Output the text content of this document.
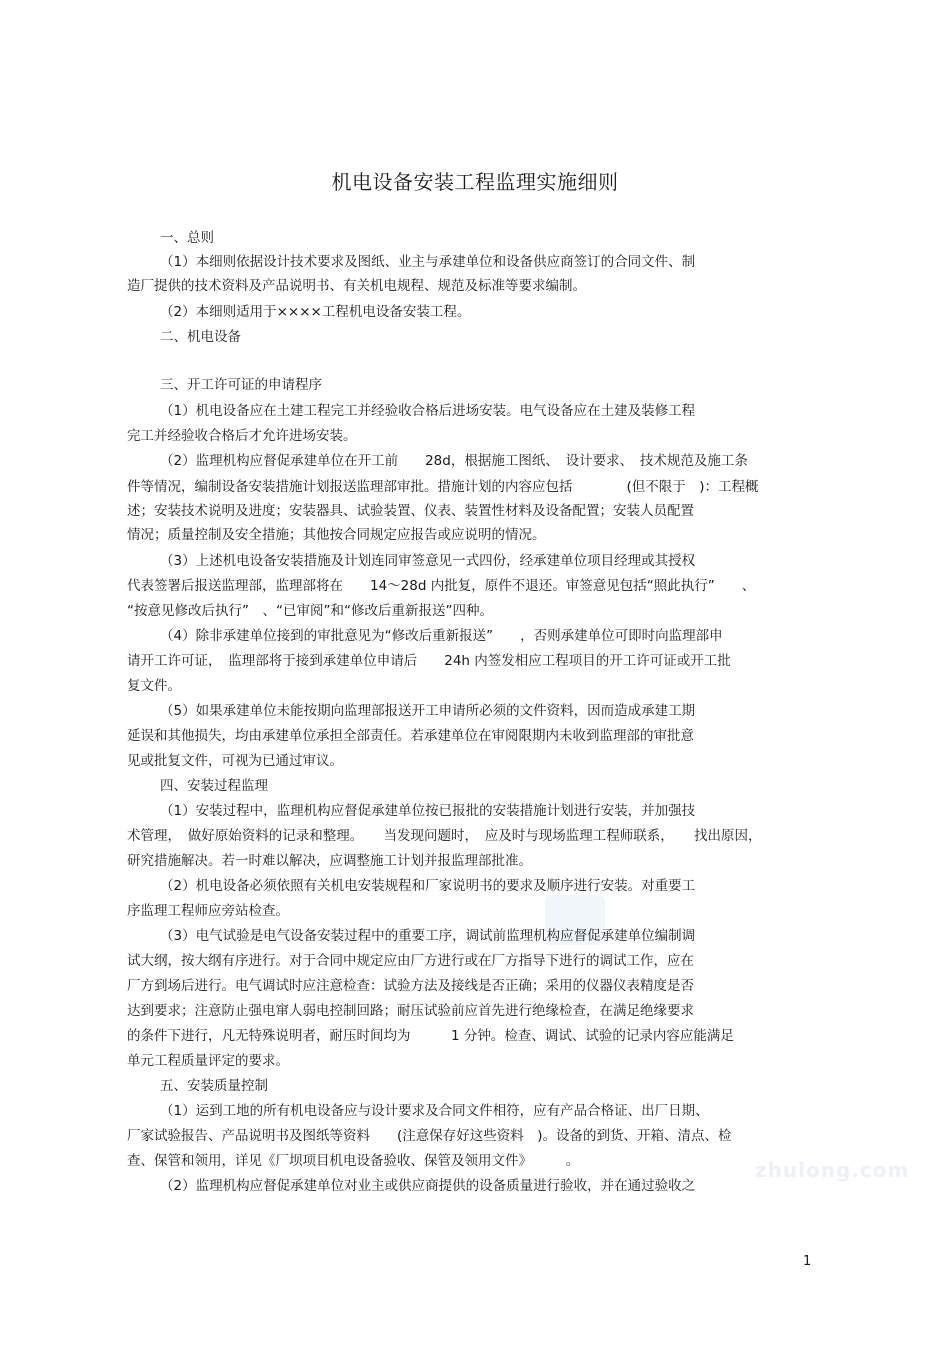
zhulong.com
机电设备安装工程监理实施细则
一、总则
（1）本细则依据设计技术要求及图纸、业主与承建单位和设备供应商签订的合同文件、制
造厂提供的技术资料及产品说明书、有关机电规程、规范及标准等要求编制。
（2）本细则适用于××××工程机电设备安装工程。
二、机电设备
三、开工许可证的申请程序
（1）机电设备应在土建工程完工并经验收合格后进场安装。电气设备应在土建及装修工程
完工并经验收合格后才允许进场安装。
（2）监理机构应督促承建单位在开工前　　28d，根据施工图纸、　设计要求、　技术规范及施工条
件等情况，编制设备安装措施计划报送监理部审批。措施计划的内容应包括　　　　(但不限于　)：工程概
述；安装技术说明及进度；安装器具、试验装置、仪表、装置性材料及设备配置；安装人员配置
情况；质量控制及安全措施；其他按合同规定应报告或应说明的情况。
（3）上述机电设备安装措施及计划连同审签意见一式四份，经承建单位项目经理或其授权
代表签署后报送监理部，监理部将在　　14～28d 内批复，原件不退还。审签意见包括“照此执行”　　、
“按意见修改后执行”　、“已审阅”和“修改后重新报送”四种。
（4）除非承建单位接到的审批意见为“修改后重新报送”　　，否则承建单位可即时向监理部申
请开工许可证，　监理部将于接到承建单位申请后　　24h 内签发相应工程项目的开工许可证或开工批
复文件。
（5）如果承建单位未能按期向监理部报送开工申请所必须的文件资料，因而造成承建工期
延误和其他损失，均由承建单位承担全部责任。若承建单位在审阅限期内未收到监理部的审批意
见或批复文件，可视为已通过审议。
四、安装过程监理
（1）安装过程中，监理机构应督促承建单位按已报批的安装措施计划进行安装，并加强技
术管理，　做好原始资料的记录和整理。　　当发现问题时，　应及时与现场监理工程师联系，　　找出原因，
研究措施解决。若一时难以解决，应调整施工计划并报监理部批准。
（2）机电设备必须依照有关机电安装规程和厂家说明书的要求及顺序进行安装。对重要工
序监理工程师应旁站检查。
（3）电气试验是电气设备安装过程中的重要工序，调试前监理机构应督促承建单位编制调
试大纲，按大纲有序进行。对于合同中规定应由厂方进行或在厂方指导下进行的调试工作，应在
厂方到场后进行。电气调试时应注意检查：试验方法及接线是否正确；采用的仪器仪表精度是否
达到要求；注意防止强电窜人弱电控制回路；耐压试验前应首先进行绝缘检查，在满足绝缘要求
的条件下进行，凡无特殊说明者，耐压时间均为　　　1 分钟。检查、调试、试验的记录内容应能满足
单元工程质量评定的要求。
五、安装质量控制
（1）运到工地的所有机电设备应与设计要求及合同文件相符，应有产品合格证、出厂日期、
厂家试验报告、产品说明书及图纸等资料　　(注意保存好这些资料　)。设备的到货、开箱、清点、检
查、保管和领用，详见《厂坝项目机电设备验收、保管及领用文件》　　　。
（2）监理机构应督促承建单位对业主或供应商提供的设备质量进行验收，并在通过验收之
1
